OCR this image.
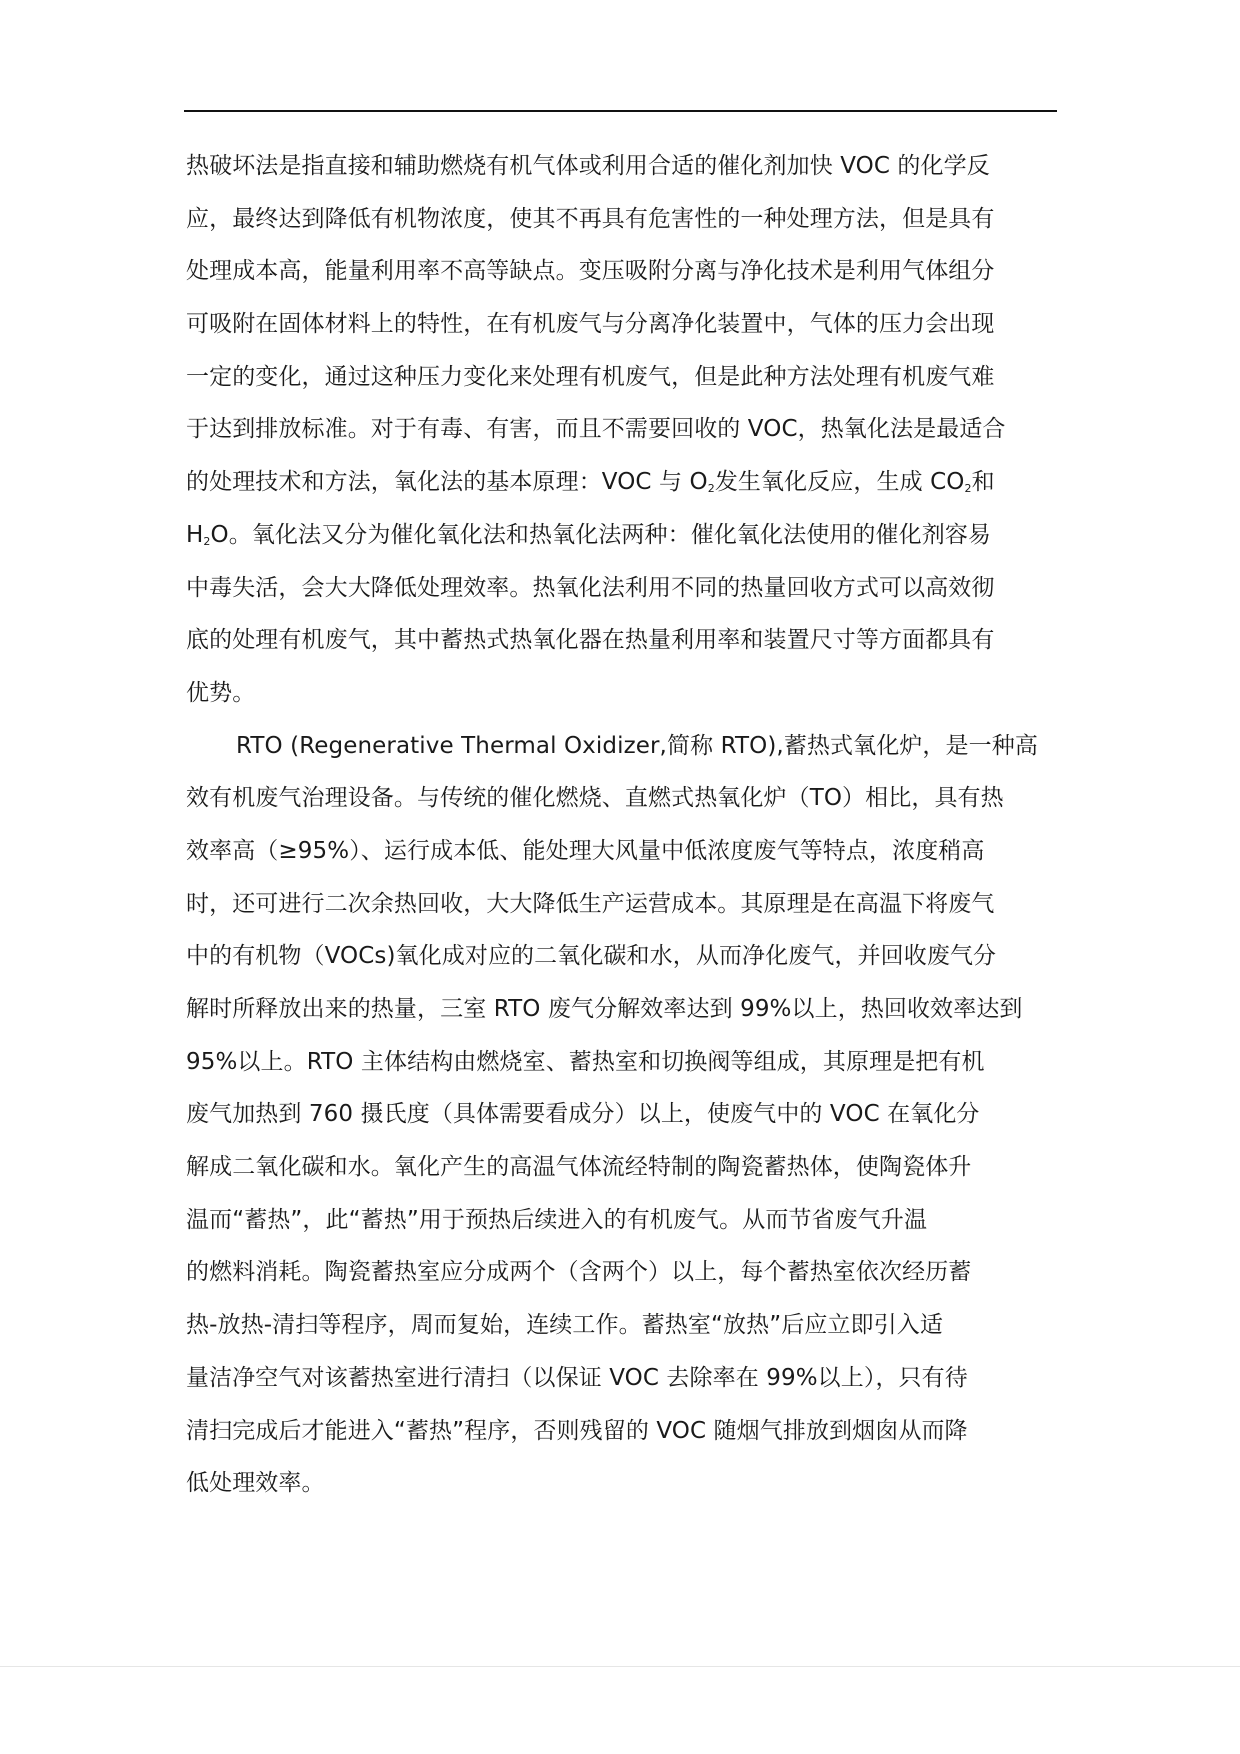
热破坏法是指直接和辅助燃烧有机气体或利用合适的催化剂加快 VOC 的化学反
应，最终达到降低有机物浓度，使其不再具有危害性的一种处理方法，但是具有
处理成本高，能量利用率不高等缺点。变压吸附分离与净化技术是利用气体组分
可吸附在固体材料上的特性，在有机废气与分离净化装置中，气体的压力会出现
一定的变化，通过这种压力变化来处理有机废气，但是此种方法处理有机废气难
于达到排放标准。对于有毒、有害，而且不需要回收的 VOC，热氧化法是最适合
的处理技术和方法，氧化法的基本原理：VOC 与 $O_2$发生氧化反应，生成 $CO_2$和
$H_2O$。氧化法又分为催化氧化法和热氧化法两种：催化氧化法使用的催化剂容易
中毒失活，会大大降低处理效率。热氧化法利用不同的热量回收方式可以高效彻
底的处理有机废气，其中蓄热式热氧化器在热量利用率和装置尺寸等方面都具有
优势。
RTO (Regenerative Thermal Oxidizer,简称 RTO),蓄热式氧化炉，是一种高
效有机废气治理设备。与传统的催化燃烧、直燃式热氧化炉（TO）相比，具有热
效率高（≥95%）、运行成本低、能处理大风量中低浓度废气等特点，浓度稍高
时，还可进行二次余热回收，大大降低生产运营成本。其原理是在高温下将废气
中的有机物（VOCs)氧化成对应的二氧化碳和水，从而净化废气，并回收废气分
解时所释放出来的热量，三室 RTO 废气分解效率达到 99%以上，热回收效率达到
95%以上。RTO 主体结构由燃烧室、蓄热室和切换阀等组成，其原理是把有机
废气加热到 760 摄氏度（具体需要看成分）以上，使废气中的 VOC 在氧化分
解成二氧化碳和水。氧化产生的高温气体流经特制的陶瓷蓄热体，使陶瓷体升
温而“蓄热”，此“蓄热”用于预热后续进入的有机废气。从而节省废气升温
的燃料消耗。陶瓷蓄热室应分成两个（含两个）以上，每个蓄热室依次经历蓄
热-放热-清扫等程序，周而复始，连续工作。蓄热室“放热”后应立即引入适
量洁净空气对该蓄热室进行清扫（以保证 VOC 去除率在 99%以上），只有待
清扫完成后才能进入“蓄热”程序，否则残留的 VOC 随烟气排放到烟囱从而降
低处理效率。
